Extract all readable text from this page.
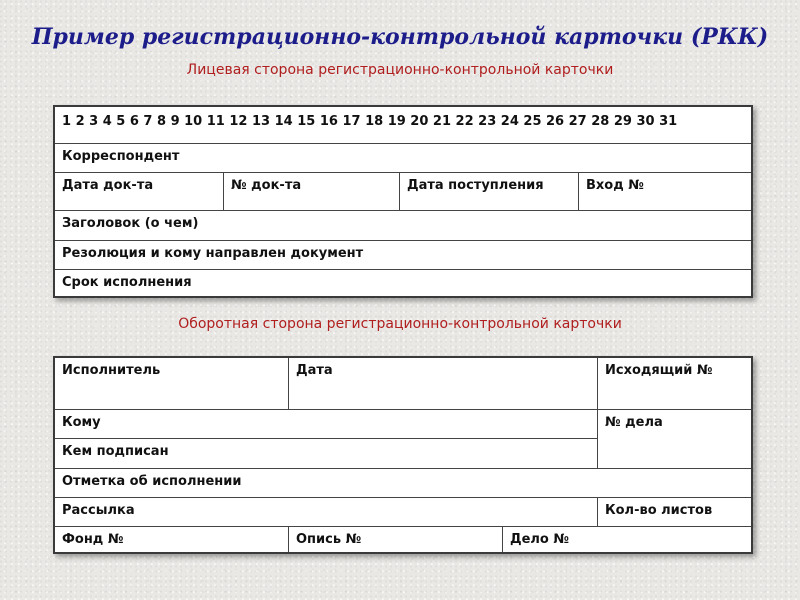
Пример регистрационно-контрольной карточки (РКК)
Лицевая сторона регистрационно-контрольной карточки
1 2 3 4 5 6 7 8 9 10 11 12 13 14 15 16 17 18 19 20 21 22 23 24 25 26 27 28 29 30 31
Корреспондент
Дата док-та	№ док-та	Дата поступления	Вход №
Заголовок (о чем)
Резолюция и кому направлен документ
Срок исполнения
Оборотная сторона регистрационно-контрольной карточки
Исполнитель	Дата	Исходящий №
Кому	№ дела
Кем подписан
Отметка об исполнении
Рассылка	Кол-во листов
Фонд №	Опись №	Дело №
